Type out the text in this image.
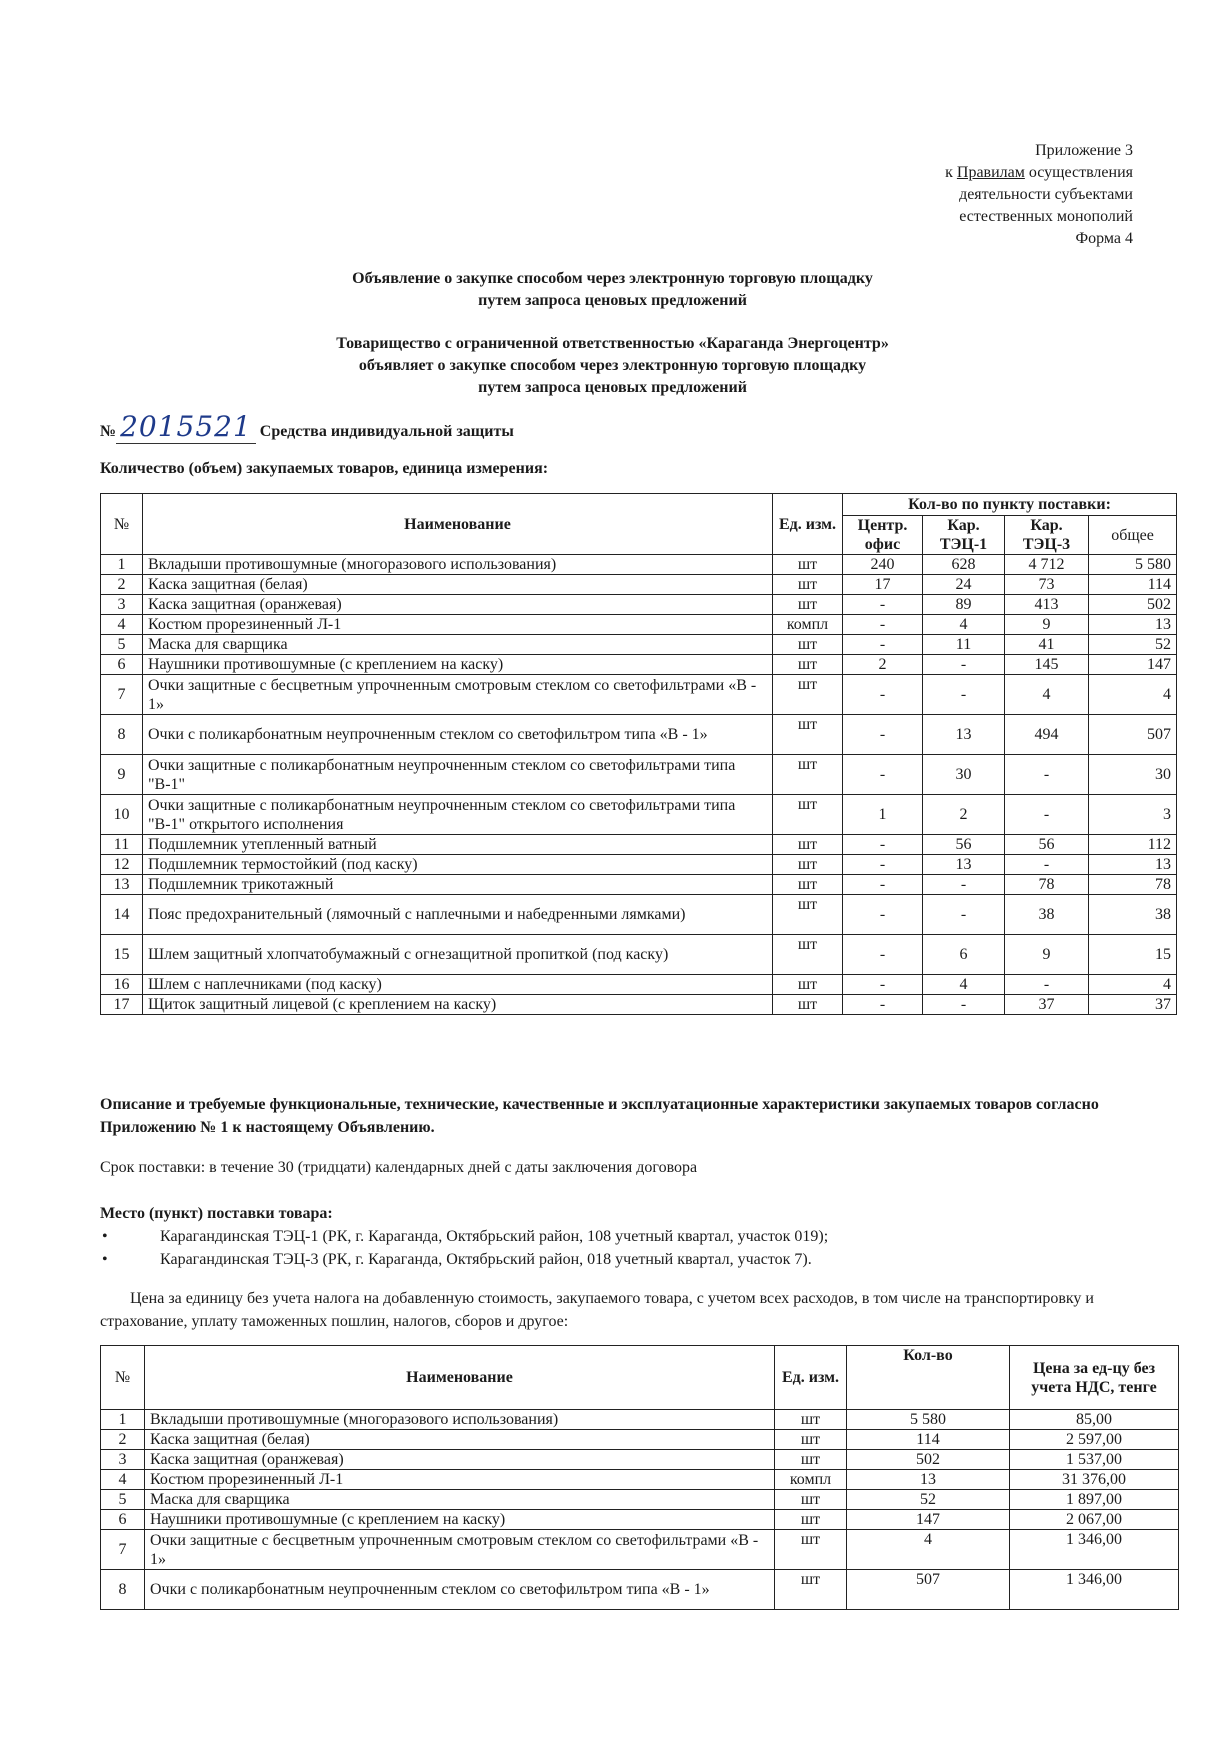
Приложение 3
к Правилам осуществления
деятельности субъектами
естественных монополий
Форма 4
Объявление о закупке способом через электронную торговую площадку
путем запроса ценовых предложений
Товарищество с ограниченной ответственностью «Караганда Энергоцентр»
объявляет о закупке способом через электронную торговую площадку
путем запроса ценовых предложений
№ 2015521 Средства индивидуальной защиты
Количество (объем) закупаемых товаров, единица измерения:
№	Наименование	Ед. изм.	Кол-во по пункту поставки:			
			Центр. офис	Кар. ТЭЦ-1	Кар. ТЭЦ-3	общее
1	Вкладыши противошумные (многоразового использования)	шт	240	628	4 712	5 580
2	Каска защитная (белая)	шт	17	24	73	114
3	Каска защитная (оранжевая)	шт	-	89	413	502
4	Костюм прорезиненный Л-1	компл	-	4	9	13
5	Маска для сварщика	шт	-	11	41	52
6	Наушники противошумные (с креплением на каску)	шт	2	-	145	147
7	Очки защитные с бесцветным упрочненным смотровым стеклом со светофильтрами «В - 1»	шт	-	-	4	4
8	Очки с поликарбонатным неупрочненным стеклом со светофильтром типа «В - 1»	шт	-	13	494	507
9	Очки защитные с поликарбонатным неупрочненным стеклом со светофильтрами типа "В-1"	шт	-	30	-	30
10	Очки защитные с поликарбонатным неупрочненным стеклом со светофильтрами типа "В-1" открытого исполнения	шт	1	2	-	3
11	Подшлемник утепленный ватный	шт	-	56	56	112
12	Подшлемник термостойкий (под каску)	шт	-	13	-	13
13	Подшлемник трикотажный	шт	-	-	78	78
14	Пояс предохранительный (лямочный с наплечными и набедренными лямками)	шт	-	-	38	38
15	Шлем защитный хлопчатобумажный с огнезащитной пропиткой (под каску)	шт	-	6	9	15
16	Шлем с наплечниками (под каску)	шт	-	4	-	4
17	Щиток защитный лицевой (с креплением на каску)	шт	-	-	37	37
Описание и требуемые функциональные, технические, качественные и эксплуатационные характеристики закупаемых товаров согласно Приложению № 1 к настоящему Объявлению.
Срок поставки: в течение 30 (тридцати) календарных дней с даты заключения договора
Место (пункт) поставки товара:
• Карагандинская ТЭЦ-1 (РК, г. Караганда, Октябрьский район, 108 учетный квартал, участок 019);
• Карагандинская ТЭЦ-3 (РК, г. Караганда, Октябрьский район, 018 учетный квартал, участок 7).
Цена за единицу без учета налога на добавленную стоимость, закупаемого товара, с учетом всех расходов, в том числе на транспортировку и страхование, уплату таможенных пошлин, налогов, сборов и другое:
№	Наименование	Ед. изм.	Кол-во	Цена за ед-цу без учета НДС, тенге
1	Вкладыши противошумные (многоразового использования)	шт	5 580	85,00
2	Каска защитная (белая)	шт	114	2 597,00
3	Каска защитная (оранжевая)	шт	502	1 537,00
4	Костюм прорезиненный Л-1	компл	13	31 376,00
5	Маска для сварщика	шт	52	1 897,00
6	Наушники противошумные (с креплением на каску)	шт	147	2 067,00
7	Очки защитные с бесцветным упрочненным смотровым стеклом со светофильтрами «В - 1»	шт	4	1 346,00
8	Очки с поликарбонатным неупрочненным стеклом со светофильтром типа «В - 1»	шт	507	1 346,00
